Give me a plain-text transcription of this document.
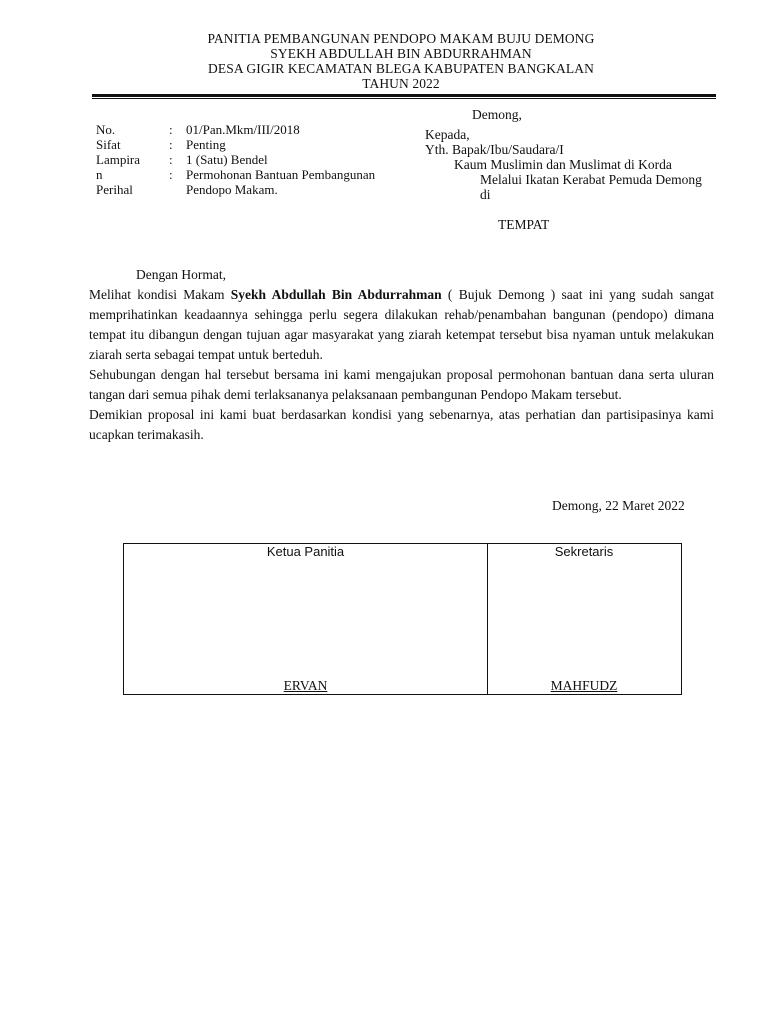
PANITIA PEMBANGUNAN PENDOPO MAKAM BUJU DEMONG
SYEKH ABDULLAH BIN ABDURRAHMAN
DESA GIGIR KECAMATAN BLEGA KABUPATEN BANGKALAN
TAHUN 2022
Demong,
No.	:	01/Pan.Mkm/III/2018
Sifat	:	Penting
Lampira	:	1 (Satu) Bendel
n	:	Permohonan Bantuan Pembangunan
Perihal	Pendopo Makam.
Kepada,
Yth. Bapak/Ibu/Saudara/I
Kaum Muslimin dan Muslimat di Korda
Melalui Ikatan Kerabat Pemuda Demong
di
TEMPAT
Dengan Hormat,

Melihat kondisi Makam Syekh Abdullah Bin Abdurrahman ( Bujuk Demong ) saat ini yang sudah sangat memprihatinkan keadaannya sehingga perlu segera dilakukan rehab/penambahan bangunan (pendopo) dimana tempat itu dibangun dengan tujuan agar masyarakat yang ziarah ketempat tersebut bisa nyaman untuk melakukan ziarah serta sebagai tempat untuk berteduh.

Sehubungan dengan hal tersebut bersama ini kami mengajukan proposal permohonan bantuan dana serta uluran tangan dari semua pihak demi terlaksananya pelaksanaan pembangunan Pendopo Makam tersebut.

Demikian proposal ini kami buat berdasarkan kondisi yang sebenarnya, atas perhatian dan partisipasinya kami ucapkan terimakasih.

Demong, 22 Maret 2022
Ketua Panitia	Sekretaris
ERVAN	MAHFUDZ
